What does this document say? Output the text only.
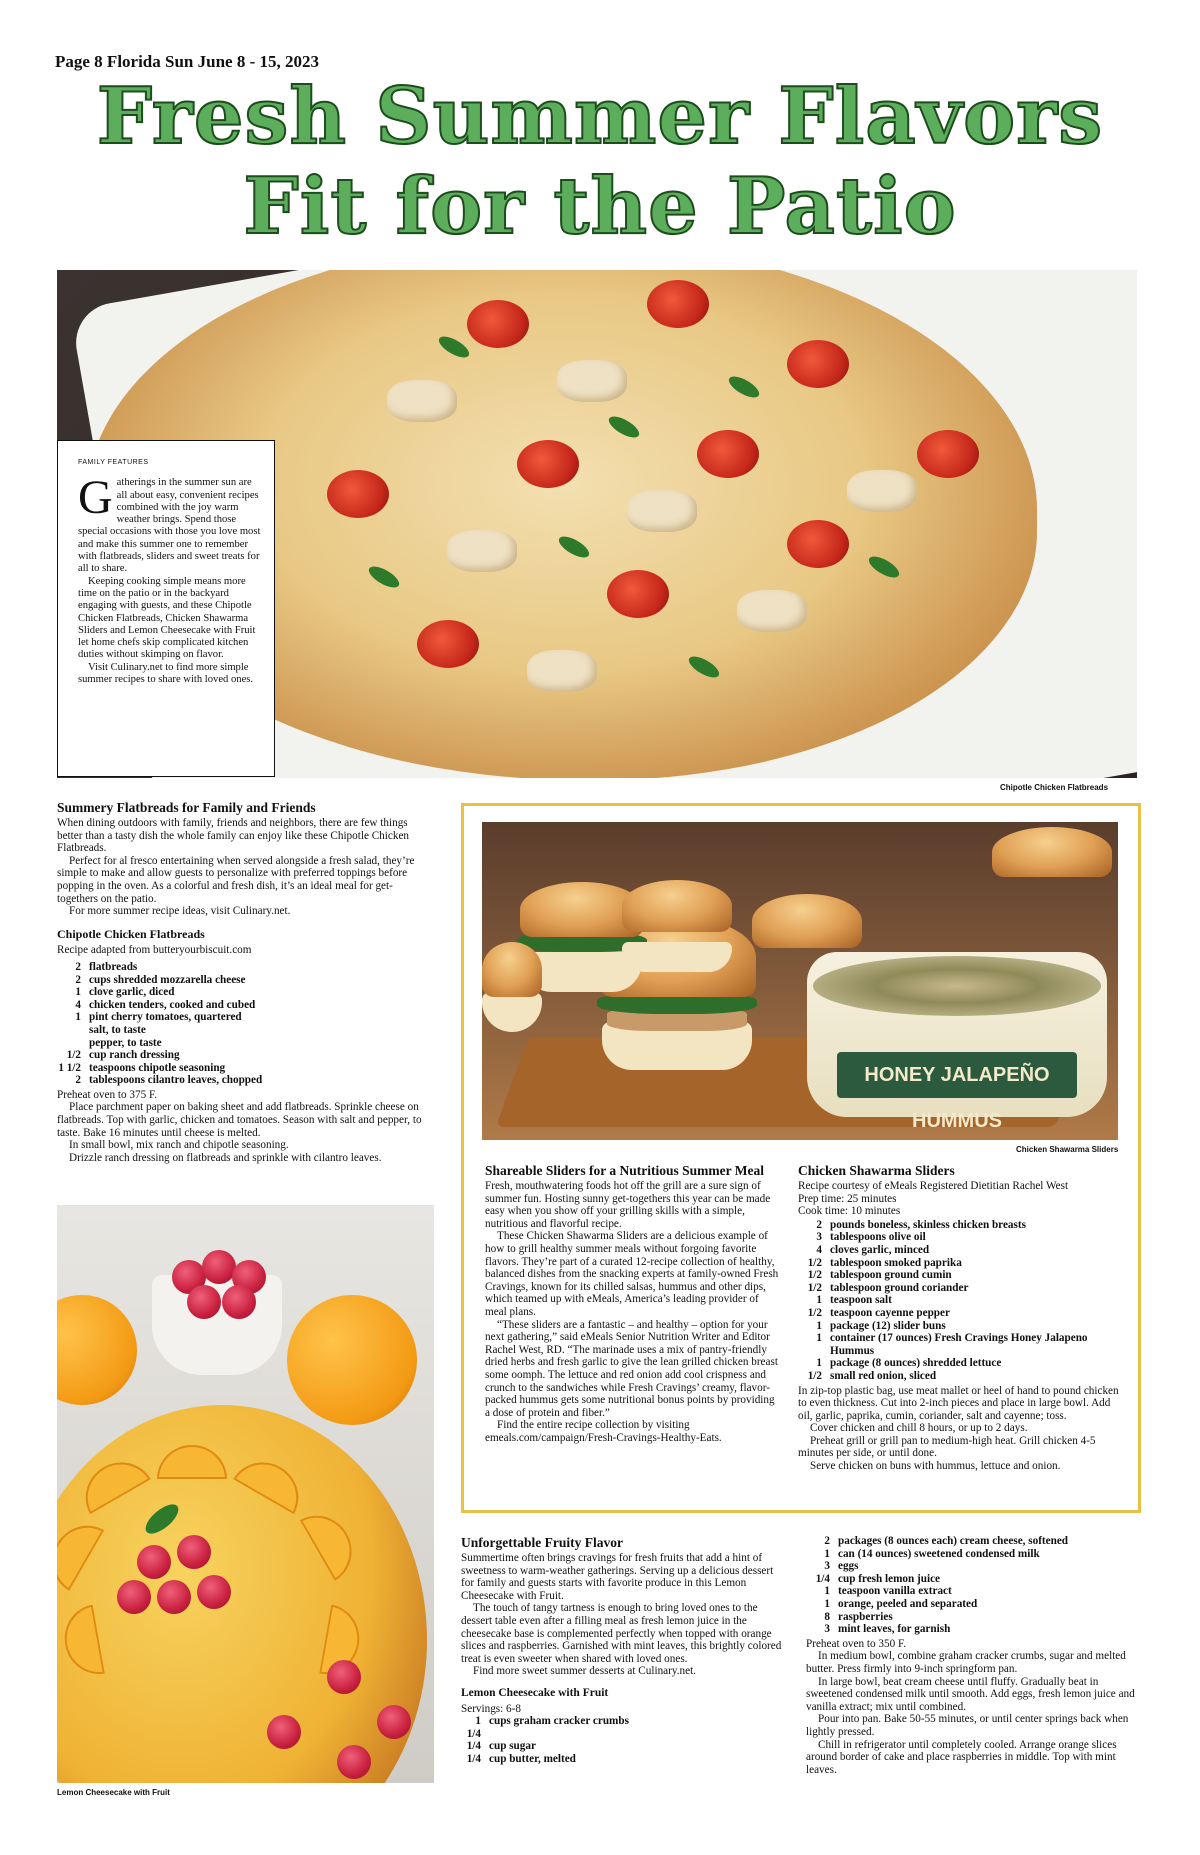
Page 8 Florida Sun June 8 - 15, 2023
Fresh Summer Flavors
Fit for the Patio
Chipotle Chicken Flatbreads
FAMILY FEATURES

Gatherings in the summer sun are all about easy, convenient recipes combined with the joy warm weather brings. Spend those special occasions with those you love most and make this summer one to remember with flatbreads, sliders and sweet treats for all to share.

Keeping cooking simple means more time on the patio or in the backyard engaging with guests, and these Chipotle Chicken Flatbreads, Chicken Shawarma Sliders and Lemon Cheesecake with Fruit let home chefs skip complicated kitchen duties without skimping on flavor.

Visit Culinary.net to find more simple summer recipes to share with loved ones.

Summery Flatbreads for Family and Friends

When dining outdoors with family, friends and neighbors, there are few things better than a tasty dish the whole family can enjoy like these Chipotle Chicken Flatbreads.

Perfect for al fresco entertaining when served alongside a fresh salad, they’re simple to make and allow guests to personalize with preferred toppings before popping in the oven. As a colorful and fresh dish, it’s an ideal meal for get-togethers on the patio.

For more summer recipe ideas, visit Culinary.net.

Chipotle Chicken Flatbreads

Recipe adapted from butteryourbiscuit.com

2 flatbreads
2 cups shredded mozzarella cheese
1 clove garlic, diced
4 chicken tenders, cooked and cubed
1 pint cherry tomatoes, quartered
salt, to taste
pepper, to taste
1/2 cup ranch dressing
1 1/2 teaspoons chipotle seasoning
2 tablespoons cilantro leaves, chopped

Preheat oven to 375 F.

Place parchment paper on baking sheet and add flatbreads. Sprinkle cheese on flatbreads. Top with garlic, chicken and tomatoes. Season with salt and pepper, to taste. Bake 16 minutes until cheese is melted.

In small bowl, mix ranch and chipotle seasoning.

Drizzle ranch dressing on flatbreads and sprinkle with cilantro leaves.

HONEY JALAPEÑO HUMMUS
Chicken Shawarma Sliders
Shareable Sliders for a Nutritious Summer Meal

Fresh, mouthwatering foods hot off the grill are a sure sign of summer fun. Hosting sunny get-togethers this year can be made easy when you show off your grilling skills with a simple, nutritious and flavorful recipe.

These Chicken Shawarma Sliders are a delicious example of how to grill healthy summer meals without forgoing favorite flavors. They’re part of a curated 12-recipe collection of healthy, balanced dishes from the snacking experts at family-owned Fresh Cravings, known for its chilled salsas, hummus and other dips, which teamed up with eMeals, America’s leading provider of meal plans.

“These sliders are a fantastic – and healthy – option for your next gathering,” said eMeals Senior Nutrition Writer and Editor Rachel West, RD. “The marinade uses a mix of pantry-friendly dried herbs and fresh garlic to give the lean grilled chicken breast some oomph. The lettuce and red onion add cool crispness and crunch to the sandwiches while Fresh Cravings’ creamy, flavor-packed hummus gets some nutritional bonus points by providing a dose of protein and fiber.”

Find the entire recipe collection by visiting emeals.com/campaign/Fresh-Cravings-Healthy-Eats.

Chicken Shawarma Sliders

Recipe courtesy of eMeals Registered Dietitian Rachel West

Prep time: 25 minutes

Cook time: 10 minutes

2 pounds boneless, skinless chicken breasts
3 tablespoons olive oil
4 cloves garlic, minced
1/2 tablespoon smoked paprika
1/2 tablespoon ground cumin
1/2 tablespoon ground coriander
1 teaspoon salt
1/2 teaspoon cayenne pepper
1 package (12) slider buns
1 container (17 ounces) Fresh Cravings Honey Jalapeno Hummus
1 package (8 ounces) shredded lettuce
1/2 small red onion, sliced

In zip-top plastic bag, use meat mallet or heel of hand to pound chicken to even thickness. Cut into 2-inch pieces and place in large bowl. Add oil, garlic, paprika, cumin, coriander, salt and cayenne; toss.

Cover chicken and chill 8 hours, or up to 2 days.

Preheat grill or grill pan to medium-high heat. Grill chicken 4-5 minutes per side, or until done.

Serve chicken on buns with hummus, lettuce and onion.

Lemon Cheesecake with Fruit
Unforgettable Fruity Flavor

Summertime often brings cravings for fresh fruits that add a hint of sweetness to warm-weather gatherings. Serving up a delicious dessert for family and guests starts with favorite produce in this Lemon Cheesecake with Fruit.

The touch of tangy tartness is enough to bring loved ones to the dessert table even after a filling meal as fresh lemon juice in the cheesecake base is complemented perfectly when topped with orange slices and raspberries. Garnished with mint leaves, this brightly colored treat is even sweeter when shared with loved ones.

Find more sweet summer desserts at Culinary.net.

Lemon Cheesecake with Fruit

Servings: 6-8

1 1/4
cups graham cracker crumbs
1/4 cup sugar
1/4 cup butter, melted
2 packages (8 ounces each) cream cheese, softened
1 can (14 ounces) sweetened condensed milk
3 eggs
1/4 cup fresh lemon juice
1 teaspoon vanilla extract
1 orange, peeled and separated
8 raspberries
3 mint leaves, for garnish

Preheat oven to 350 F.

In medium bowl, combine graham cracker crumbs, sugar and melted butter. Press firmly into 9-inch springform pan.

In large bowl, beat cream cheese until fluffy. Gradually beat in sweetened condensed milk until smooth. Add eggs, fresh lemon juice and vanilla extract; mix until combined.

Pour into pan. Bake 50-55 minutes, or until center springs back when lightly pressed.

Chill in refrigerator until completely cooled. Arrange orange slices around border of cake and place raspberries in middle. Top with mint leaves.
